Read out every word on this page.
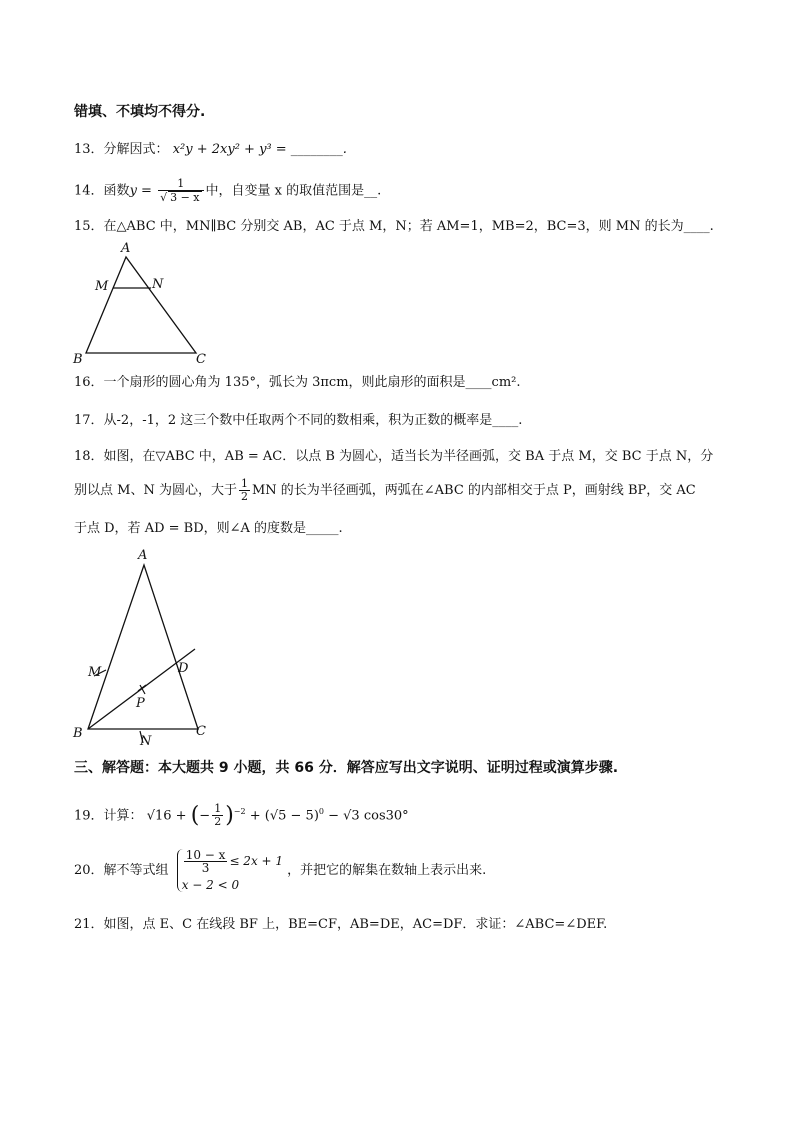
错填、不填均不得分.
13．分解因式： x²y + 2xy² + y³ = ________.
14．函数$y = \frac{1}{√ 3 - x}$ 中，自变量 x 的取值范围是__.
15．在△ABC 中，MN∥BC 分别交 AB，AC 于点 M，N；若 AM=1，MB=2，BC=3，则 MN 的长为____.
A
M	N
B	C
16．一个扇形的圆心角为 135°，弧长为 3πcm，则此扇形的面积是____cm².
17．从-2，-1，2 这三个数中任取两个不同的数相乘，积为正数的概率是____.
18．如图，在▽ABC 中，AB = AC．以点 B 为圆心，适当长为半径画弧，交 BA 于点 M，交 BC 于点 N，分
别以点 M、N 为圆心，大于 $\frac{1}{2}$ MN 的长为半径画弧，两弧在∠ABC 的内部相交于点 P，画射线 BP，交 AC
于点 D，若 AD = BD，则∠A 的度数是_____.
A
M	D
P
B
N
C
三、解答题：本大题共 9 小题，共 66 分．解答应写出文字说明、证明过程或演算步骤.
19．计算： √16 + (− $\frac{1}{2} )^{-2} + (√5 - 5)^0 - √3$ cos30°
20．解不等式组 $\frac{10 - x}{3} \le 2x + 1$
x − 2 < 0
，并把它的解集在数轴上表示出来.
21．如图，点 E、C 在线段 BF 上，BE=CF，AB=DE，AC=DF．求证：∠ABC=∠DEF.
